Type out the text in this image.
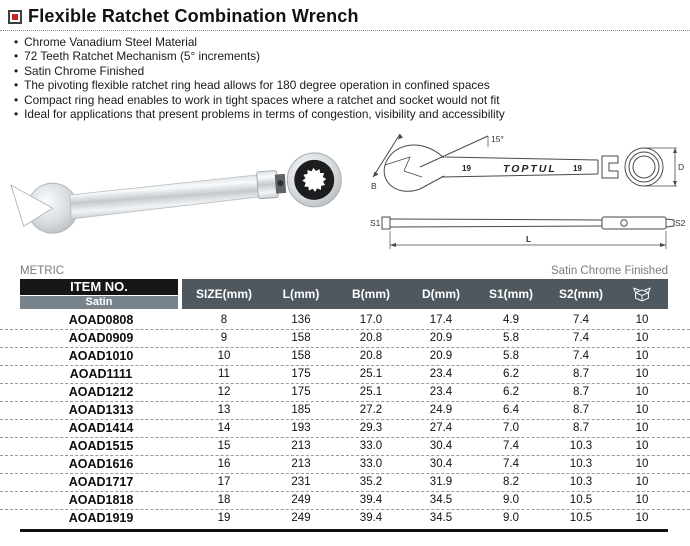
Flexible Ratchet Combination Wrench
• Chrome Vanadium Steel Material
• 72 Teeth Ratchet Mechanism (5° increments)
• Satin Chrome Finished
• The pivoting flexible ratchet ring head allows for 180 degree operation in confined spaces
• Compact ring head enables to work in tight spaces where a ratchet and socket would not fit
• Ideal for applications that present problems in terms of congestion, visibility and accessibility
B
15°
19	TOPTUL 19	D
S1	S2
L
METRIC	Satin Chrome Finished
ITEM NO.
Satin
SIZE(mm)	L(mm)	B(mm)	D(mm)	S1(mm)	S2(mm)
AOAD0808	8	136	17.0	17.4	4.9	7.4	10
AOAD0909	9	158	20.8	20.9	5.8	7.4	10
AOAD1010	10	158	20.8	20.9	5.8	7.4	10
AOAD1111	11	175	25.1	23.4	6.2	8.7	10
AOAD1212	12	175	25.1	23.4	6.2	8.7	10
AOAD1313	13	185	27.2	24.9	6.4	8.7	10
AOAD1414	14	193	29.3	27.4	7.0	8.7	10
AOAD1515	15	213	33.0	30.4	7.4	10.3	10
AOAD1616	16	213	33.0	30.4	7.4	10.3	10
AOAD1717	17	231	35.2	31.9	8.2	10.3	10
AOAD1818	18	249	39.4	34.5	9.0	10.5	10
AOAD1919	19	249	39.4	34.5	9.0	10.5	10
